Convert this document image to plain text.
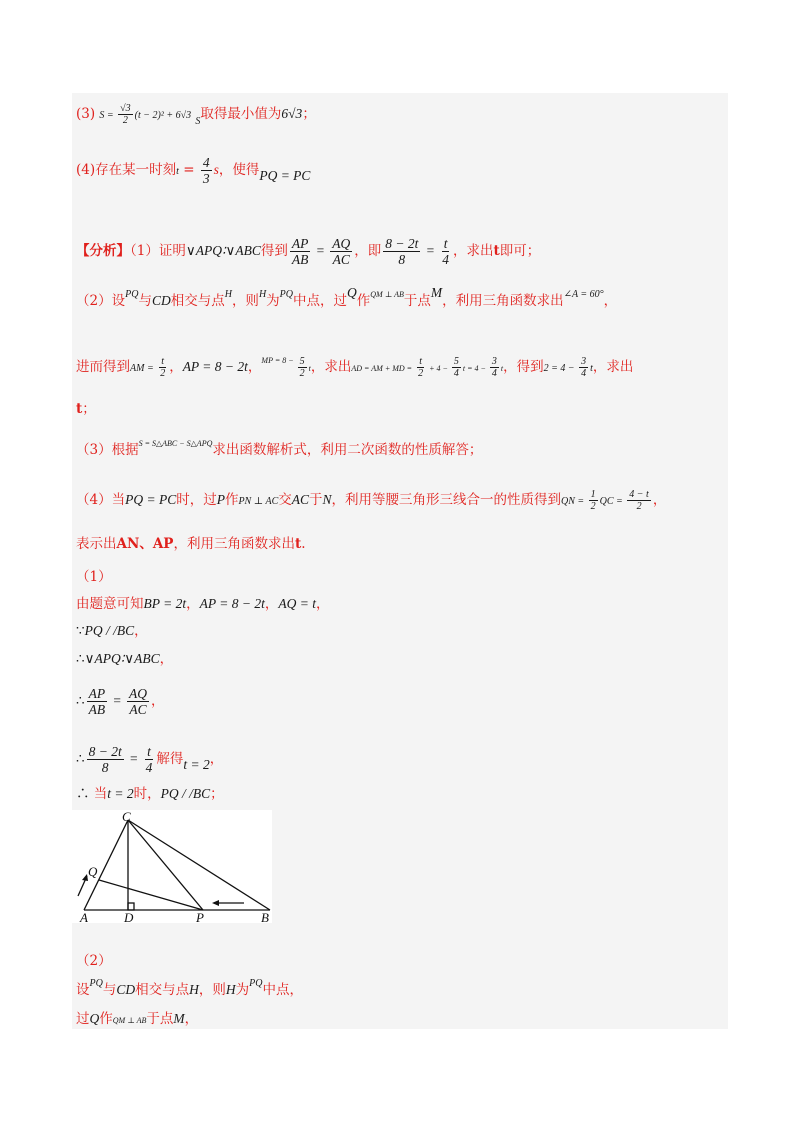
(3) $S = \frac{√3}{2} (t - 2)^2 + 6√3$ $_S$取得最小值为6√3；
(4)存在某一时刻$t = \frac{4}{3}$ s，使得PQ = PC
【分析】（1）证明∨APQ∶∨ABC得到 $\frac{AP}{AB} = \frac{AQ}{AC}$ ，即 $\frac{8 - 2t}{8} = \frac{t}{4}$ ，求出t即可；
（2）设$^{PQ}$与CD相交与点$^H$，则$^H$为$^{PQ}$中点，过Q作$^{QM \perp AB}$于点M，利用三角函数求出$^{\angle A = 60^\circ}$，
进而得到AM = $\frac{t}{2}$ ，AP = 8 − 2t，$^{MP = 8 -} \frac{5}{2}$ t，求出AD = AM + MD = $\frac{t}{2} + 4 - \frac{5}{4}$ $t = 4 - \frac{3}{4}$ t，得到$2 = 4 - \frac{3}{4}$ t，求出
t；
（3）根据$^{S = S\triangle ABC - S\triangle APQ}$求出函数解析式，利用二次函数的性质解答；
（4）当PQ = PC时，过P作PN ⊥ AC交AC于N，利用等腰三角形三线合一的性质得到QN = $\frac{1}{2}$ QC = $\frac{4 - t}{2}$ ，
表示出AN、AP，利用三角函数求出t.
（1）
由题意可知BP = 2t，AP = 8 − 2t，AQ = t，
∵PQ / /BC，
∴∨APQ∶∨ABC，
∴ $\frac{AP}{AB} = \frac{AQ}{AC}$ ，
∴ $\frac{8 - 2t}{8} = \frac{t}{4}$ 解得t = 2，
∴ 当t = 2时，PQ / /BC；
C
Q
A	D	P	B
（2）
设$^{PQ}$与CD相交与点H，则H为$^{PQ}$中点，
过Q作QM ⊥ AB于点M，
